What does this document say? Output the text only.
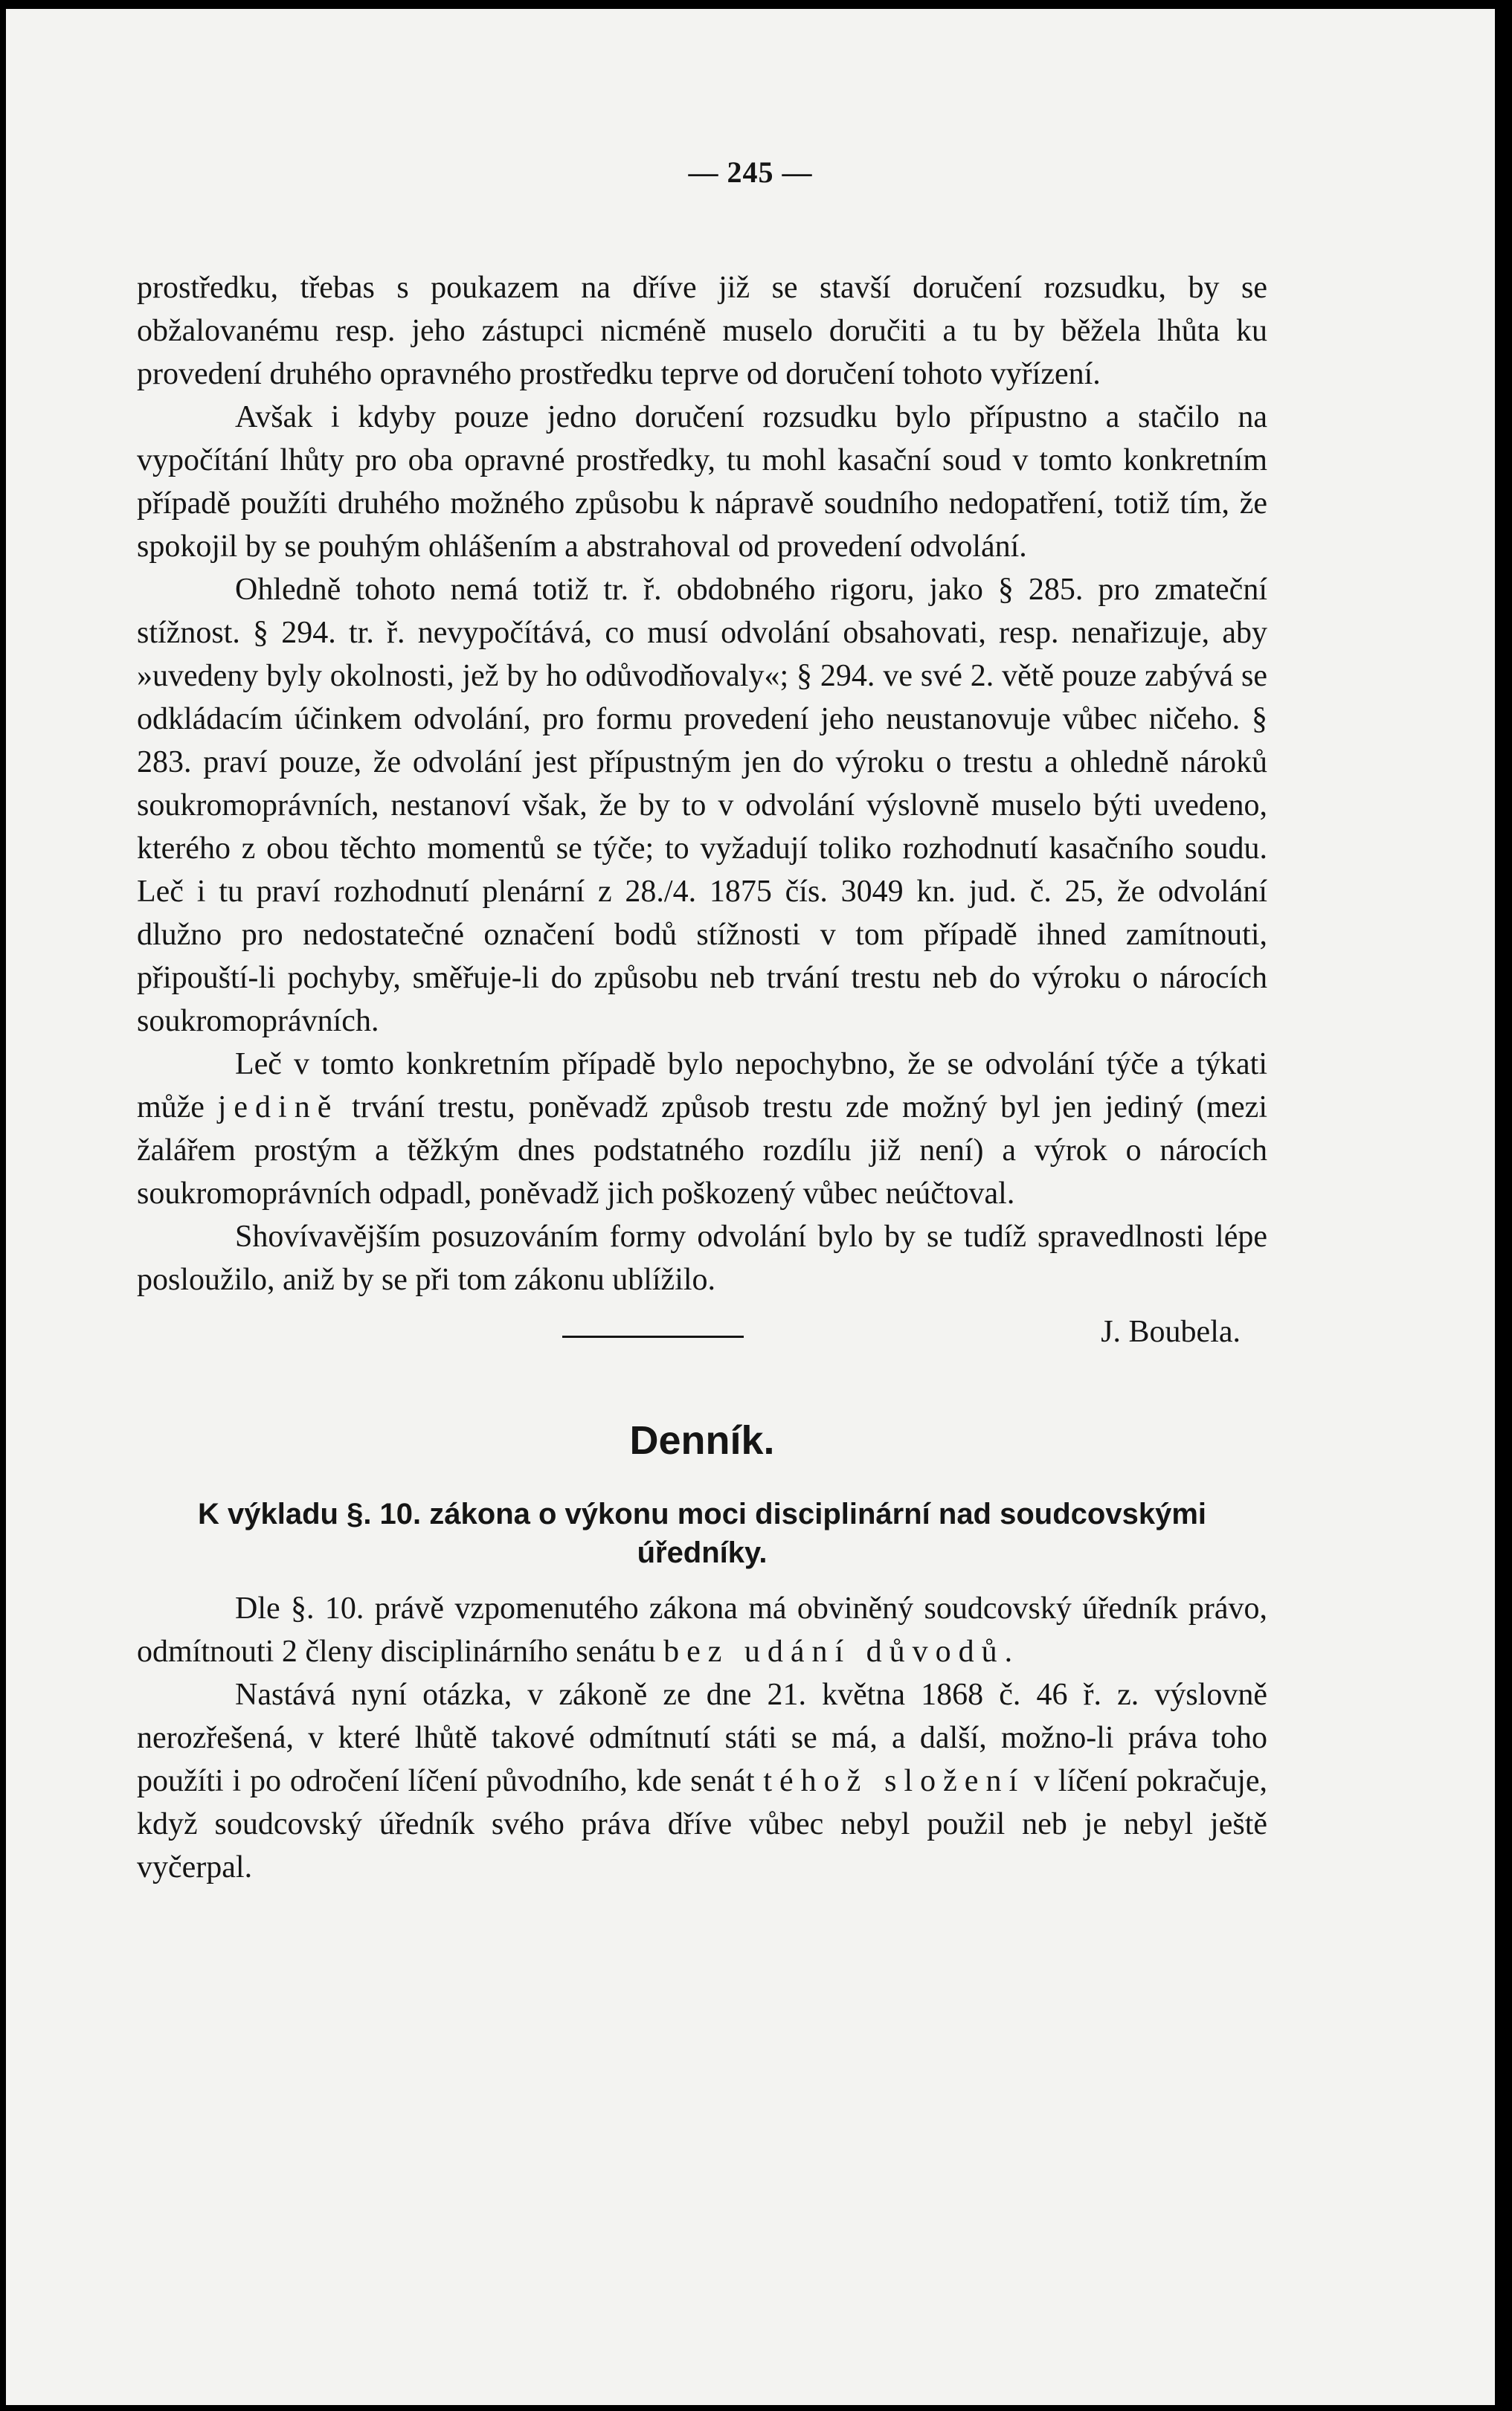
— 245 —

prostředku, třebas s poukazem na dříve již se stavší doručení rozsudku, by se obžalovanému resp. jeho zástupci nicméně muselo doručiti a tu by běžela lhůta ku provedení druhého opravného prostředku teprve od doručení tohoto vyřízení.

Avšak i kdyby pouze jedno doručení rozsudku bylo přípustno a stačilo na vypočítání lhůty pro oba opravné prostředky, tu mohl kasační soud v tomto konkretním případě použíti druhého možného způsobu k nápravě soudního nedopatření, totiž tím, že spokojil by se pouhým ohlášením a abstrahoval od provedení odvolání.

Ohledně tohoto nemá totiž tr. ř. obdobného rigoru, jako § 285. pro zmateční stížnost. § 294. tr. ř. nevypočítává, co musí odvolání obsahovati, resp. nenařizuje, aby »uvedeny byly okolnosti, jež by ho odůvodňovaly«; § 294. ve své 2. větě pouze zabývá se odkládacím účinkem odvolání, pro formu provedení jeho neustanovuje vůbec ničeho. § 283. praví pouze, že odvolání jest přípustným jen do výroku o trestu a ohledně nároků soukromoprávních, nestanoví však, že by to v odvolání výslovně muselo býti uvedeno, kterého z obou těchto momentů se týče; to vyžadují toliko rozhodnutí kasačního soudu. Leč i tu praví rozhodnutí plenární z 28./4. 1875 čís. 3049 kn. jud. č. 25, že odvolání dlužno pro nedostatečné označení bodů stížnosti v tom případě ihned zamítnouti, připouští-li pochyby, směřuje-li do způsobu neb trvání trestu neb do výroku o nárocích soukromoprávních.

Leč v tomto konkretním případě bylo nepochybno, že se odvolání týče a týkati může jedině trvání trestu, poněvadž způsob trestu zde možný byl jen jediný (mezi žalářem prostým a těžkým dnes podstatného rozdílu již není) a výrok o nárocích soukromoprávních odpadl, poněvadž jich poškozený vůbec neúčtoval.

Shovívavějším posuzováním formy odvolání bylo by se tudíž spravedlnosti lépe posloužilo, aniž by se při tom zákonu ublížilo.

J. Boubela.
Denník.
K výkladu §. 10. zákona o výkonu moci disciplinární nad soudcovskými úředníky.

Dle §. 10. právě vzpomenutého zákona má obviněný soudcovský úředník právo, odmítnouti 2 členy disciplinárního senátu bez udání důvodů.

Nastává nyní otázka, v zákoně ze dne 21. května 1868 č. 46 ř. z. výslovně nerozřešená, v které lhůtě takové odmítnutí státi se má, a další, možno-li práva toho použíti i po odročení líčení původního, kde senát téhož složení v líčení pokračuje, když soudcovský úředník svého práva dříve vůbec nebyl použil neb je nebyl ještě vyčerpal.
